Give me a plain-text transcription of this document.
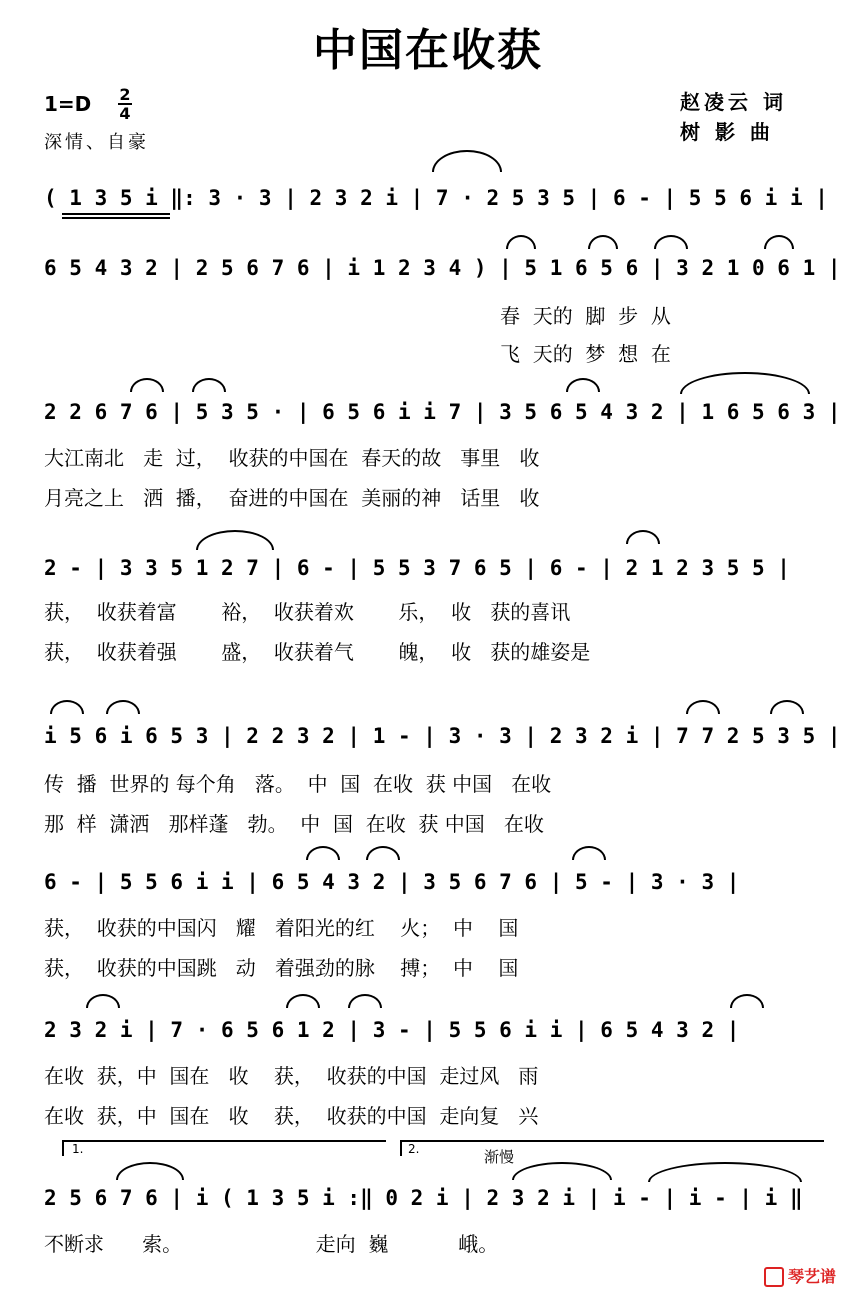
中国在收获
1=D 2
4
深情、自豪
赵凌云 词
树 影 曲
( 1 3 5 i ‖: 3 · 3 | 2 3 2 i | 7 · 2 5 3 5 | 6 - | 5 5 6 i i |
6 5 4 3 2 | 2 5 6 7 6 | i 1 2 3 4 ) | 5 1 6 5 6 | 3 2 1 0 6 1 |
春  天的  脚  步  从
飞  天的  梦  想  在
2 2 6 7 6 | 5 3 5 · | 6 5 6 i i 7 | 3 5 6 5 4 3 2 | 1 6 5 6 3 |
大江南北   走  过，  收获的中国在  春天的故   事里   收
月亮之上   洒  播，  奋进的中国在  美丽的神   话里   收
2 - | 3 3 5 1 2 7 | 6 - | 5 5 3 7 6 5 | 6 - | 2 1 2 3 5 5 |
获，  收获着富       裕，  收获着欢       乐，  收   获的喜讯
获，  收获着强       盛，  收获着气       魄，  收   获的雄姿是
i 5 6 i 6 5 3 | 2 2 3 2 | 1 - | 3 · 3 | 2 3 2 i | 7 7 2 5 3 5 |
传  播  世界的 每个角   落。  中  国  在收  获 中国   在收
那  样  潇洒   那样蓬   勃。  中  国  在收  获 中国   在收
6 - | 5 5 6 i i | 6 5 4 3 2 | 3 5 6 7 6 | 5 - | 3 · 3 |
获，  收获的中国闪   耀   着阳光的红    火；  中    国
获，  收获的中国跳   动   着强劲的脉    搏；  中    国
2 3 2 i | 7 · 6 5 6 1 2 | 3 - | 5 5 6 i i | 6 5 4 3 2 |
在收  获，中  国在   收    获，  收获的中国  走过风   雨
在收  获，中  国在   收    获，  收获的中国  走向复   兴
1.	2.	渐慢
2 5 6 7 6 | i ( 1 3 5 i :‖ 0 2 i | 2 3 2 i | i - | i - | i ‖
不断求      索。                     走向  巍           峨。
琴艺谱
